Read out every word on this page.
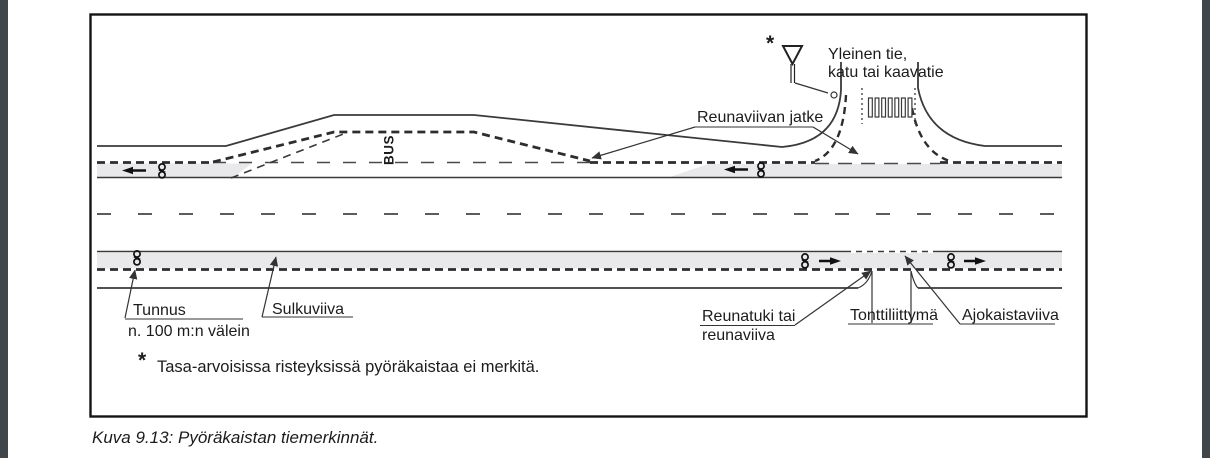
BUS
*	Yleinen tie,
katu tai kaavatie
Reunaviivan jatke
Tunnus
n. 100 m:n välein
Sulkuviiva	Reunatuki tai
reunaviiva
Tonttiliittymä Ajokaistaviiva
* Tasa-arvoisissa risteyksissä pyöräkaistaa ei merkitä.
Kuva 9.13: Pyöräkaistan tiemerkinnät.
